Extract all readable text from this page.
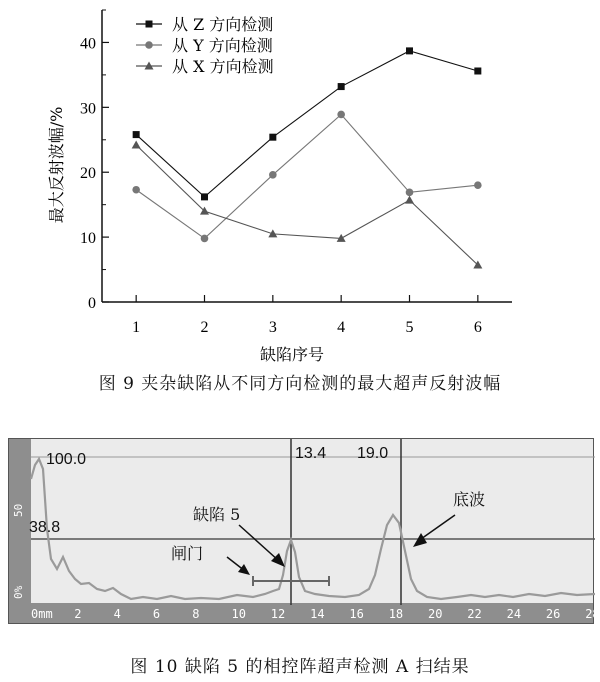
0
10
20
30
40
1	2	3	4	5	6
从 Z 方向检测
从 Y 方向检测
从 X 方向检测
最大反射波幅/%
缺陷序号
图 9 夹杂缺陷从不同方向检测的最大超声反射波幅
50
0%
0mm 2	4	6	8	10 12 14 16 18 20 22 24 26 28
100.0
38.8
13.4 19.0
缺陷 5
闸门
底波
图 10 缺陷 5 的相控阵超声检测 A 扫结果
